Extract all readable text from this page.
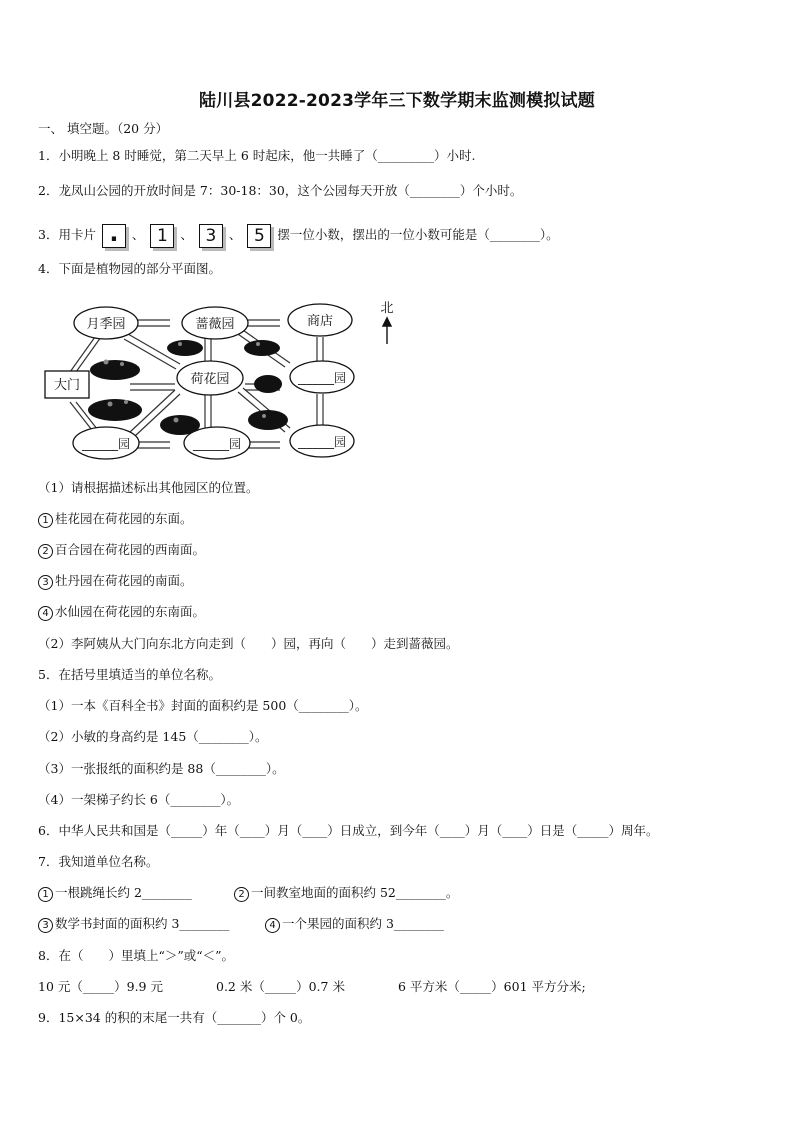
陆川县2022-2023学年三下数学期末监测模拟试题
一、 填空题。（20 分）
1．小明晚上 8 时睡觉，第二天早上 6 时起床，他一共睡了（_________）小时.
2．龙凤山公园的开放时间是 7：30-18：30，这个公园每天开放（________）个小时。
3．用卡片 . 、 1 、 3 、 5 摆一位小数，摆出的一位小数可能是（________）。
4．下面是植物园的部分平面图。
月季园	蔷薇园	商店
大门	荷花园	______园
______园	______园	______园
北
（1）请根据描述标出其他园区的位置。
1 桂花园在荷花园的东面。
2 百合园在荷花园的西南面。
3 牡丹园在荷花园的南面。
4 水仙园在荷花园的东南面。
（2）李阿姨从大门向东北方向走到（　　）园，再向（　　）走到蔷薇园。
5．在括号里填适当的单位名称。
（1）一本《百科全书》封面的面积约是 500（________）。
（2）小敏的身高约是 145（________）。
（3）一张报纸的面积约是 88（________）。
（4）一架梯子约长 6（________）。
6．中华人民共和国是（_____）年（____）月（____）日成立，到今年（____）月（____）日是（_____）周年。
7．我知道单位名称。
1 一根跳绳长约 2________	2 一间教室地面的面积约 52________。
3 数学书封面的面积约 3________	4 一个果园的面积约 3________
8．在（　　）里填上“＞”或“＜”。
10 元（_____）9.9 元	0.2 米（_____）0.7 米	6 平方米（_____）601 平方分米;
9．15×34 的积的末尾一共有（_______）个 0。
